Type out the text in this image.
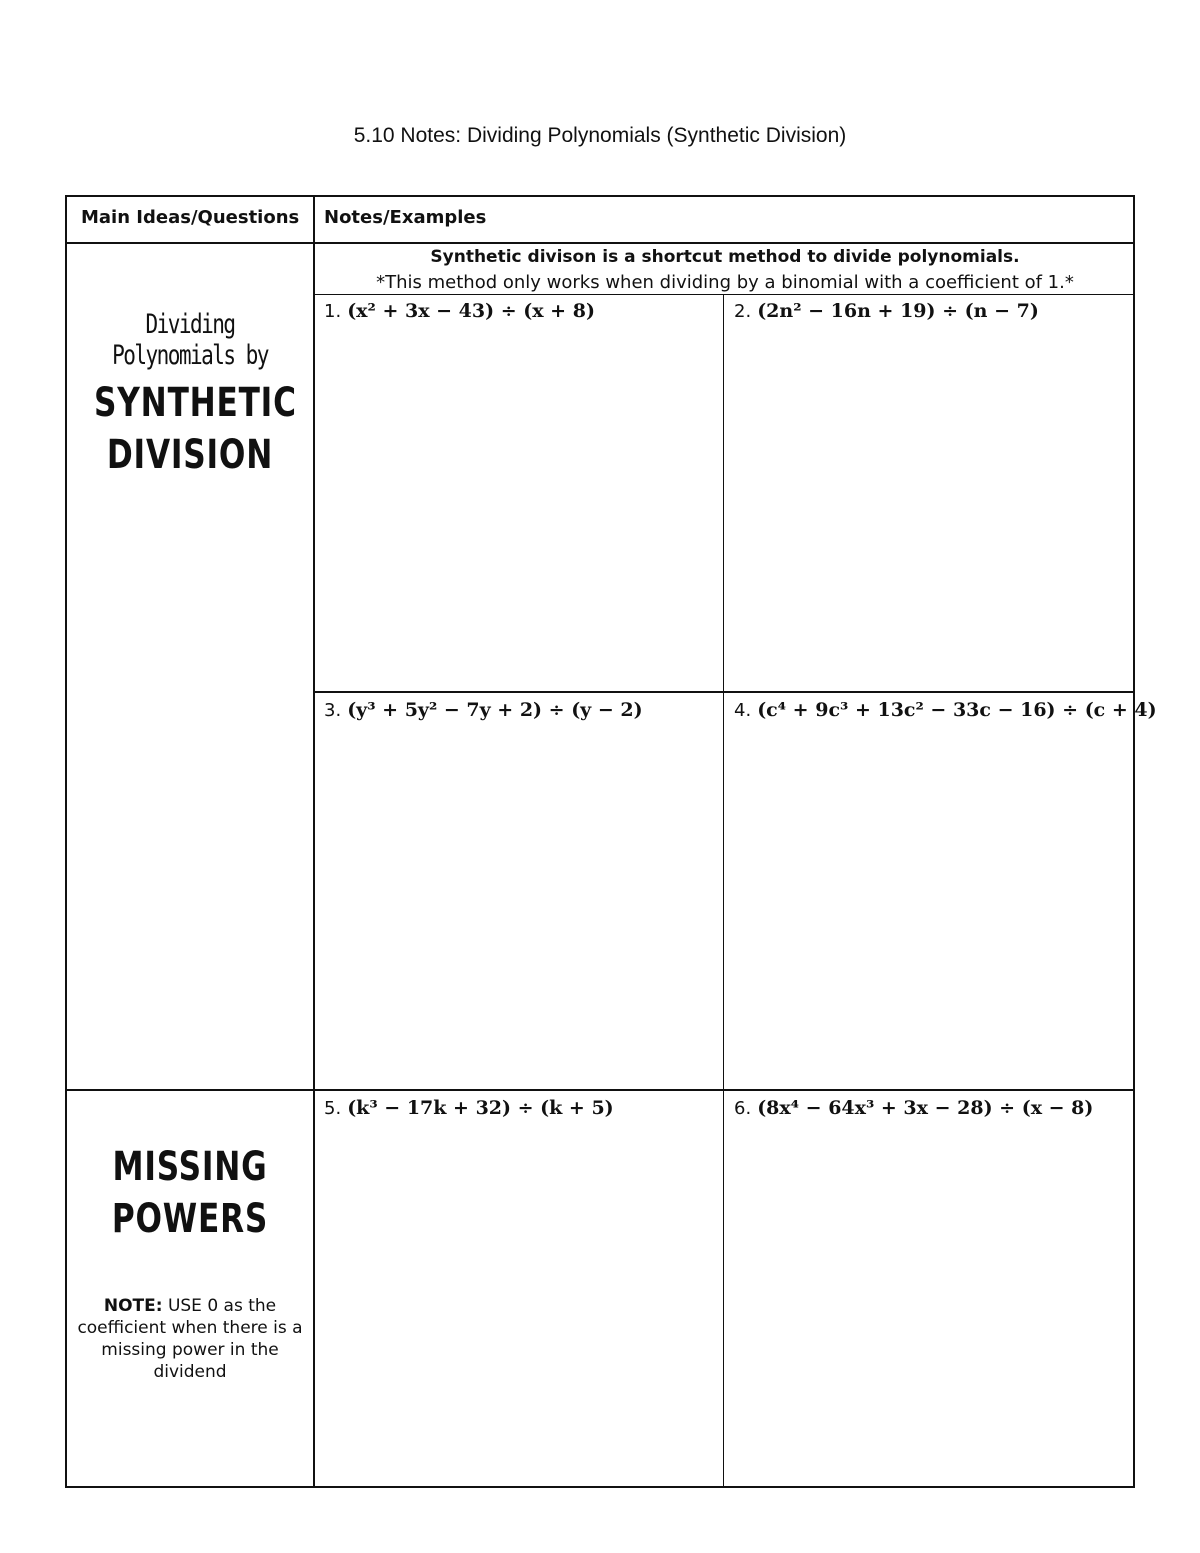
5.10 Notes: Dividing Polynomials (Synthetic Division)
Main Ideas/Questions Notes/Examples
Synthetic divison is a shortcut method to divide polynomials.
*This method only works when dividing by a binomial with a coefficient of 1.*
Dividing Polynomials by
SYNTHETIC
DIVISION
MISSING
POWERS
NOTE: USE 0 as the coefficient when there is a missing power in the dividend
1. (x² + 3x − 43) ÷ (x + 8)	2. (2n² − 16n + 19) ÷ (n − 7)
3. (y³ + 5y² − 7y + 2) ÷ (y − 2)	4. (c⁴ + 9c³ + 13c² − 33c − 16) ÷ (c + 4)
5. (k³ − 17k + 32) ÷ (k + 5)	6. (8x⁴ − 64x³ + 3x − 28) ÷ (x − 8)
